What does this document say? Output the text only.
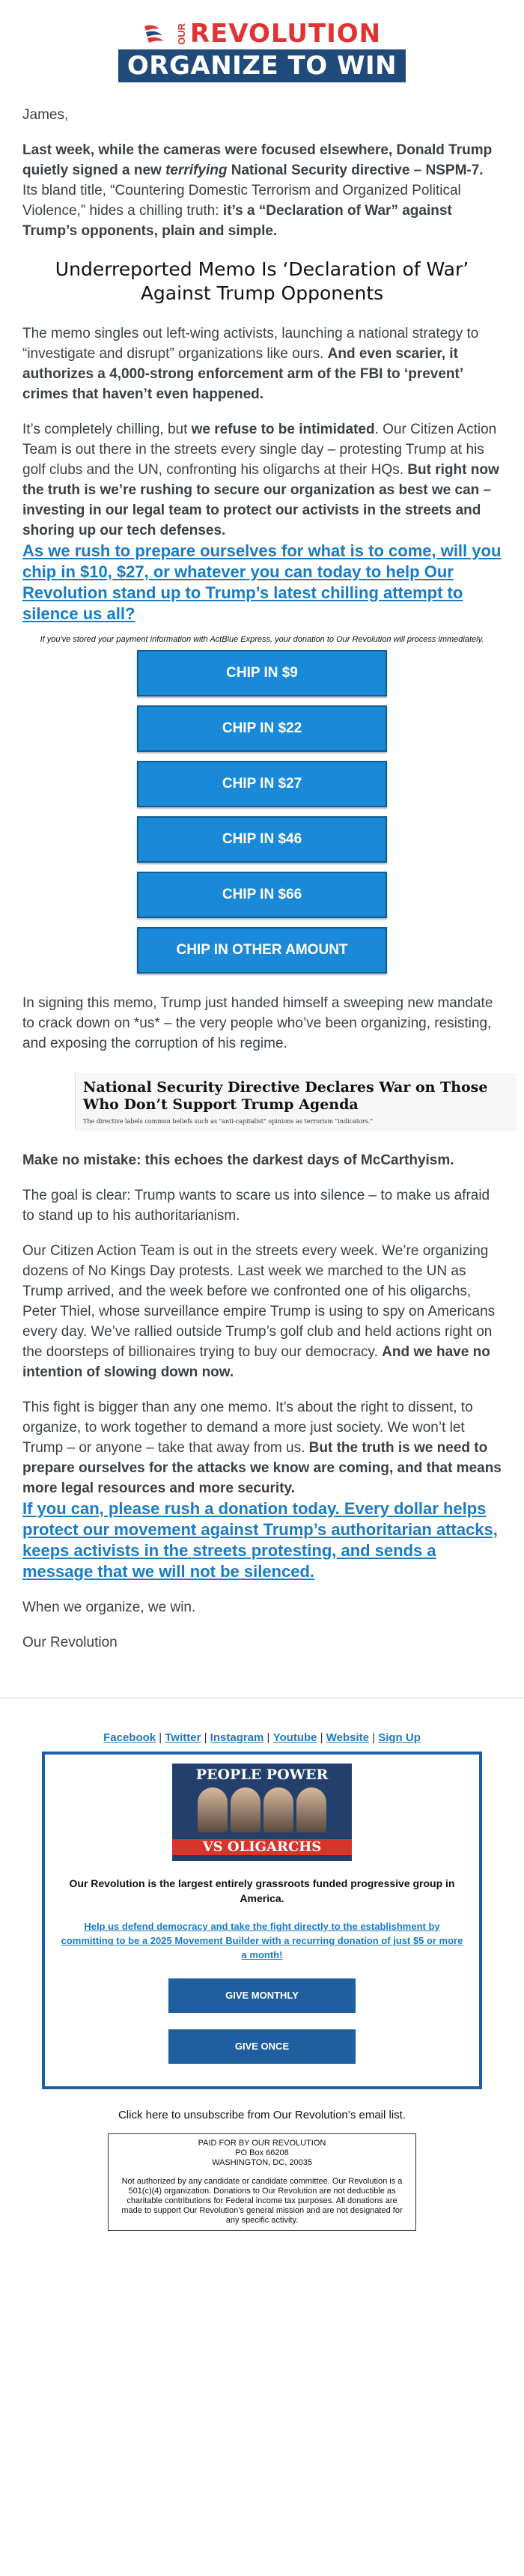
OUR REVOLUTION
ORGANIZE TO WIN

James,

Last week, while the cameras were focused elsewhere, Donald Trump quietly signed a new terrifying National Security directive – NSPM-7. Its bland title, “Countering Domestic Terrorism and Organized Political Violence,” hides a chilling truth: it’s a “Declaration of War” against Trump’s opponents, plain and simple.

Underreported Memo Is ‘Declaration of War’ Against Trump Opponents

The memo singles out left-wing activists, launching a national strategy to “investigate and disrupt” organizations like ours. And even scarier, it authorizes a 4,000-strong enforcement arm of the FBI to ‘prevent’ crimes that haven’t even happened.

It’s completely chilling, but we refuse to be intimidated. Our Citizen Action Team is out there in the streets every single day – protesting Trump at his golf clubs and the UN, confronting his oligarchs at their HQs. But right now the truth is we’re rushing to secure our organization as best we can – investing in our legal team to protect our activists in the streets and shoring up our tech defenses.

As we rush to prepare ourselves for what is to come, will you chip in $10, $27, or whatever you can today to help Our Revolution stand up to Trump’s latest chilling attempt to silence us all?

If you've stored your payment information with ActBlue Express, your donation to Our Revolution will process immediately.
CHIP IN $9
CHIP IN $22
CHIP IN $27
CHIP IN $46
CHIP IN $66
CHIP IN OTHER AMOUNT

In signing this memo, Trump just handed himself a sweeping new mandate to crack down on *us* – the very people who’ve been organizing, resisting, and exposing the corruption of his regime.

National Security Directive Declares War on Those Who Don’t Support Trump Agenda
The directive labels common beliefs such as "anti-capitalist" opinions as terrorism "indicators."

Make no mistake: this echoes the darkest days of McCarthyism.

The goal is clear: Trump wants to scare us into silence – to make us afraid to stand up to his authoritarianism.

Our Citizen Action Team is out in the streets every week. We’re organizing dozens of No Kings Day protests. Last week we marched to the UN as Trump arrived, and the week before we confronted one of his oligarchs, Peter Thiel, whose surveillance empire Trump is using to spy on Americans every day. We’ve rallied outside Trump’s golf club and held actions right on the doorsteps of billionaires trying to buy our democracy. And we have no intention of slowing down now.

This fight is bigger than any one memo. It’s about the right to dissent, to organize, to work together to demand a more just society. We won’t let Trump – or anyone – take that away from us. But the truth is we need to prepare ourselves for the attacks we know are coming, and that means more legal resources and more security.

If you can, please rush a donation today. Every dollar helps protect our movement against Trump’s authoritarian attacks, keeps activists in the streets protesting, and sends a message that we will not be silenced.

When we organize, we win.

Our Revolution

Facebook | Twitter | Instagram | Youtube | Website | Sign Up
PEOPLE POWER
VS OLIGARCHS
Our Revolution is the largest entirely grassroots funded progressive group in America.
Help us defend democracy and take the fight directly to the establishment by committing to be a 2025 Movement Builder with a recurring donation of just $5 or more a month!
GIVE MONTHLY
GIVE ONCE
Click here to unsubscribe from Our Revolution’s email list.
PAID FOR BY OUR REVOLUTION
PO Box 66208
WASHINGTON, DC, 20035
Not authorized by any candidate or candidate committee. Our Revolution is a 501(c)(4) organization. Donations to Our Revolution are not deductible as charitable contributions for Federal income tax purposes. All donations are made to support Our Revolution’s general mission and are not designated for any specific activity.
